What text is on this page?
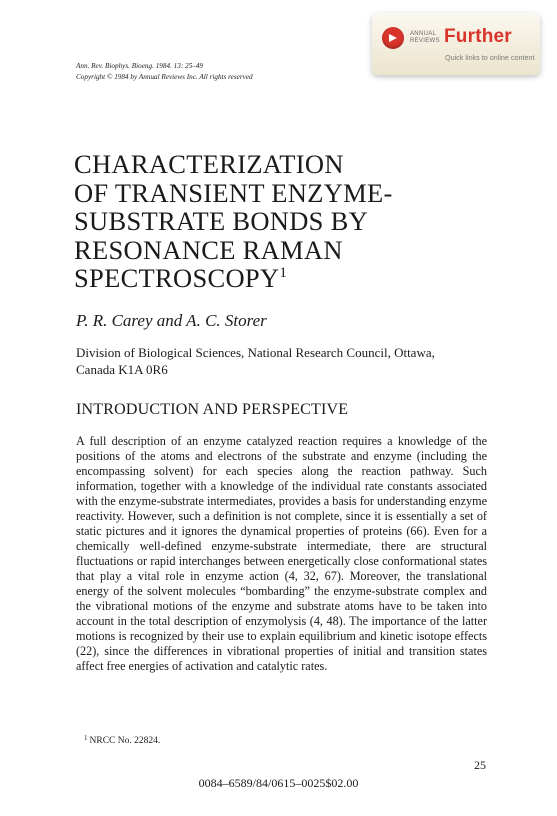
Ann. Rev. Biophys. Bioeng. 1984. 13: 25–49
Copyright © 1984 by Annual Reviews Inc. All rights reserved
ANNUAL REVIEWS Further
Quick links to online content
CHARACTERIZATION
OF TRANSIENT ENZYME-
SUBSTRATE BONDS BY
RESONANCE RAMAN
SPECTROSCOPY$^1$
P. R. Carey and A. C. Storer
Division of Biological Sciences, National Research Council, Ottawa,
Canada K1A 0R6
INTRODUCTION AND PERSPECTIVE
A full description of an enzyme catalyzed reaction requires a knowledge of the positions of the atoms and electrons of the substrate and enzyme (including the encompassing solvent) for each species along the reaction pathway. Such information, together with a knowledge of the individual rate constants associated with the enzyme-substrate intermediates, provides a basis for understanding enzyme reactivity. However, such a definition is not complete, since it is essentially a set of static pictures and it ignores the dynamical properties of proteins (66). Even for a chemically well-defined enzyme-substrate intermediate, there are structural fluctuations or rapid interchanges between energetically close conformational states that play a vital role in enzyme action (4, 32, 67). Moreover, the translational energy of the solvent molecules “bombarding” the enzyme-substrate complex and the vibrational motions of the enzyme and substrate atoms have to be taken into account in the total description of enzymolysis (4, 48). The importance of the latter motions is recognized by their use to explain equilibrium and kinetic isotope effects (22), since the differences in vibrational properties of initial and transition states affect free energies of activation and catalytic rates.
$^1$ NRCC No. 22824.
25
0084–6589/84/0615–0025$02.00
